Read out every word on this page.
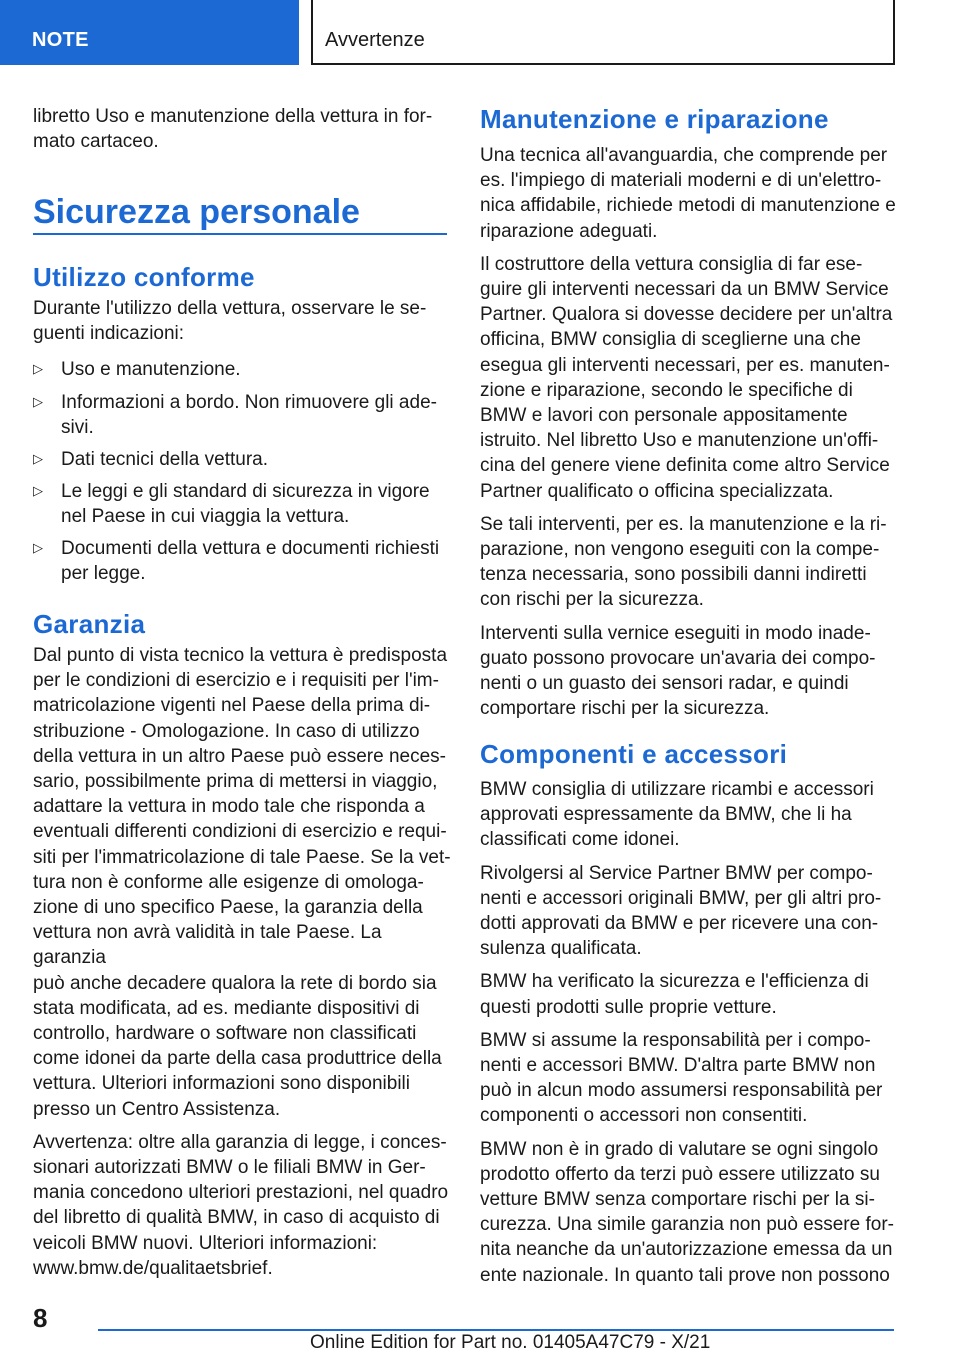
NOTE	Avvertenze

libretto Uso e manutenzione della vettura in for-
mato cartaceo.

Sicurezza personale
Utilizzo conforme

Durante l'utilizzo della vettura, osservare le se-
guenti indicazioni:

▷ Uso e manutenzione.

▷ Informazioni a bordo. Non rimuovere gli ade-
sivi.

▷ Dati tecnici della vettura.

▷ Le leggi e gli standard di sicurezza in vigore
nel Paese in cui viaggia la vettura.

▷ Documenti della vettura e documenti richiesti
per legge.

Garanzia

Dal punto di vista tecnico la vettura è predisposta
per le condizioni di esercizio e i requisiti per l'im-
matricolazione vigenti nel Paese della prima di-
stribuzione - Omologazione. In caso di utilizzo
della vettura in un altro Paese può essere neces-
sario, possibilmente prima di mettersi in viaggio,
adattare la vettura in modo tale che risponda a
eventuali differenti condizioni di esercizio e requi-
siti per l'immatricolazione di tale Paese. Se la vet-
tura non è conforme alle esigenze di omologa-
zione di uno specifico Paese, la garanzia della
vettura non avrà validità in tale Paese. La garanzia
può anche decadere qualora la rete di bordo sia
stata modificata, ad es. mediante dispositivi di
controllo, hardware o software non classificati
come idonei da parte della casa produttrice della
vettura. Ulteriori informazioni sono disponibili
presso un Centro Assistenza.

Avvertenza: oltre alla garanzia di legge, i conces-
sionari autorizzati BMW o le filiali BMW in Ger-
mania concedono ulteriori prestazioni, nel quadro
del libretto di qualità BMW, in caso di acquisto di
veicoli BMW nuovi. Ulteriori informazioni:
www.bmw.de/qualitaetsbrief.

Manutenzione e riparazione

Una tecnica all'avanguardia, che comprende per
es. l'impiego di materiali moderni e di un'elettro-
nica affidabile, richiede metodi di manutenzione e
riparazione adeguati.

Il costruttore della vettura consiglia di far ese-
guire gli interventi necessari da un BMW Service
Partner. Qualora si dovesse decidere per un'altra
officina, BMW consiglia di sceglierne una che
esegua gli interventi necessari, per es. manuten-
zione e riparazione, secondo le specifiche di
BMW e lavori con personale appositamente
istruito. Nel libretto Uso e manutenzione un'offi-
cina del genere viene definita come altro Service
Partner qualificato o officina specializzata.

Se tali interventi, per es. la manutenzione e la ri-
parazione, non vengono eseguiti con la compe-
tenza necessaria, sono possibili danni indiretti
con rischi per la sicurezza.

Interventi sulla vernice eseguiti in modo inade-
guato possono provocare un'avaria dei compo-
nenti o un guasto dei sensori radar, e quindi
comportare rischi per la sicurezza.

Componenti e accessori

BMW consiglia di utilizzare ricambi e accessori
approvati espressamente da BMW, che li ha
classificati come idonei.

Rivolgersi al Service Partner BMW per compo-
nenti e accessori originali BMW, per gli altri pro-
dotti approvati da BMW e per ricevere una con-
sulenza qualificata.

BMW ha verificato la sicurezza e l'efficienza di
questi prodotti sulle proprie vetture.

BMW si assume la responsabilità per i compo-
nenti e accessori BMW. D'altra parte BMW non
può in alcun modo assumersi responsabilità per
componenti o accessori non consentiti.

BMW non è in grado di valutare se ogni singolo
prodotto offerto da terzi può essere utilizzato su
vetture BMW senza comportare rischi per la si-
curezza. Una simile garanzia non può essere for-
nita neanche da un'autorizzazione emessa da un
ente nazionale. In quanto tali prove non possono

8
Online Edition for Part no. 01405A47C79 - X/21
